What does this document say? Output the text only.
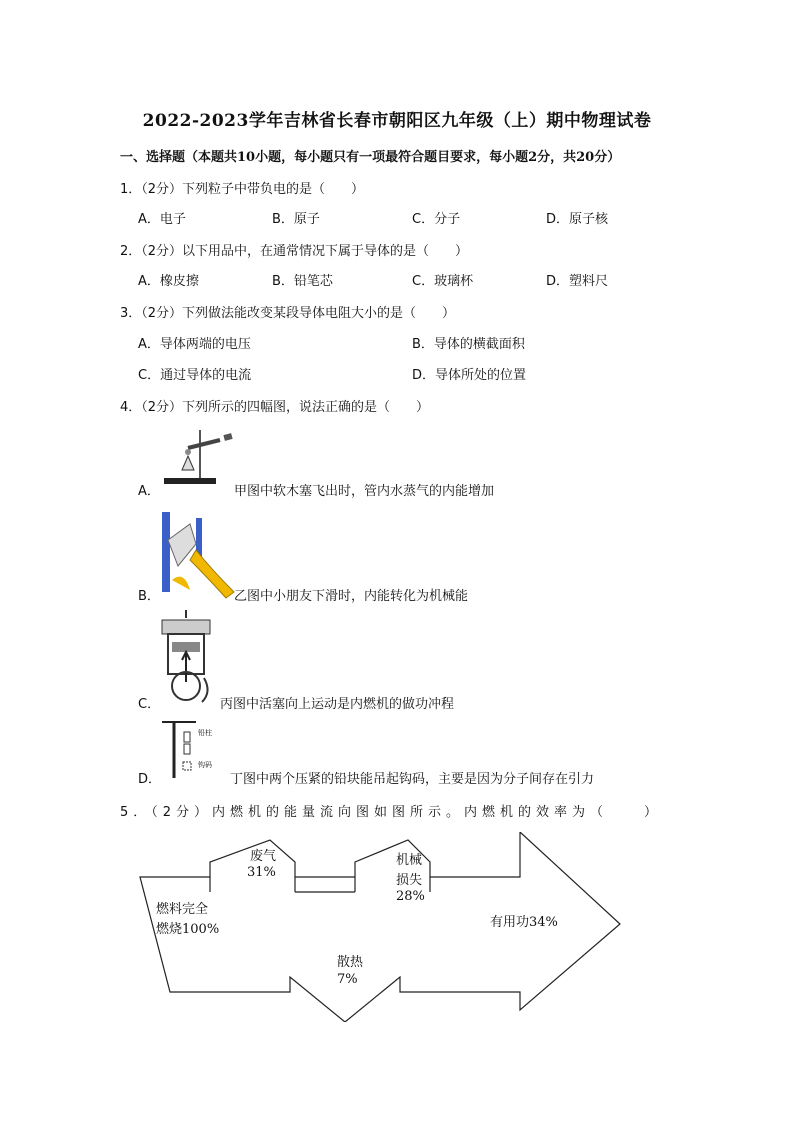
2022-2023学年吉林省长春市朝阳区九年级（上）期中物理试卷
一、选择题（本题共10小题，每小题只有一项最符合题目要求，每小题2分，共20分）
1．（2分）下列粒子中带负电的是（　　）
A．电子	B．原子	C．分子	D．原子核
2．（2分）以下用品中，在通常情况下属于导体的是（　　）
A．橡皮擦	B．铅笔芯	C．玻璃杯	D．塑料尺
3．（2分）下列做法能改变某段导体电阻大小的是（　　）
A．导体两端的电压	B．导体的横截面积
C．通过导体的电流	D．导体所处的位置
4．（2分）下列所示的四幅图，说法正确的是（　　）
A．	甲图中软木塞飞出时，管内水蒸气的内能增加
B．	乙图中小朋友下滑时，内能转化为机械能
C．	丙图中活塞向上运动是内燃机的做功冲程
铅柱
钩码
D．	丁图中两个压紧的铅块能吊起钩码，主要是因为分子间存在引力
5．（2分）内燃机的能量流向图如图所示。内燃机的效率为（　　）
废气
31%
机械
损失
28%
燃料完全
燃烧100%	有用功34%
散热
7%
